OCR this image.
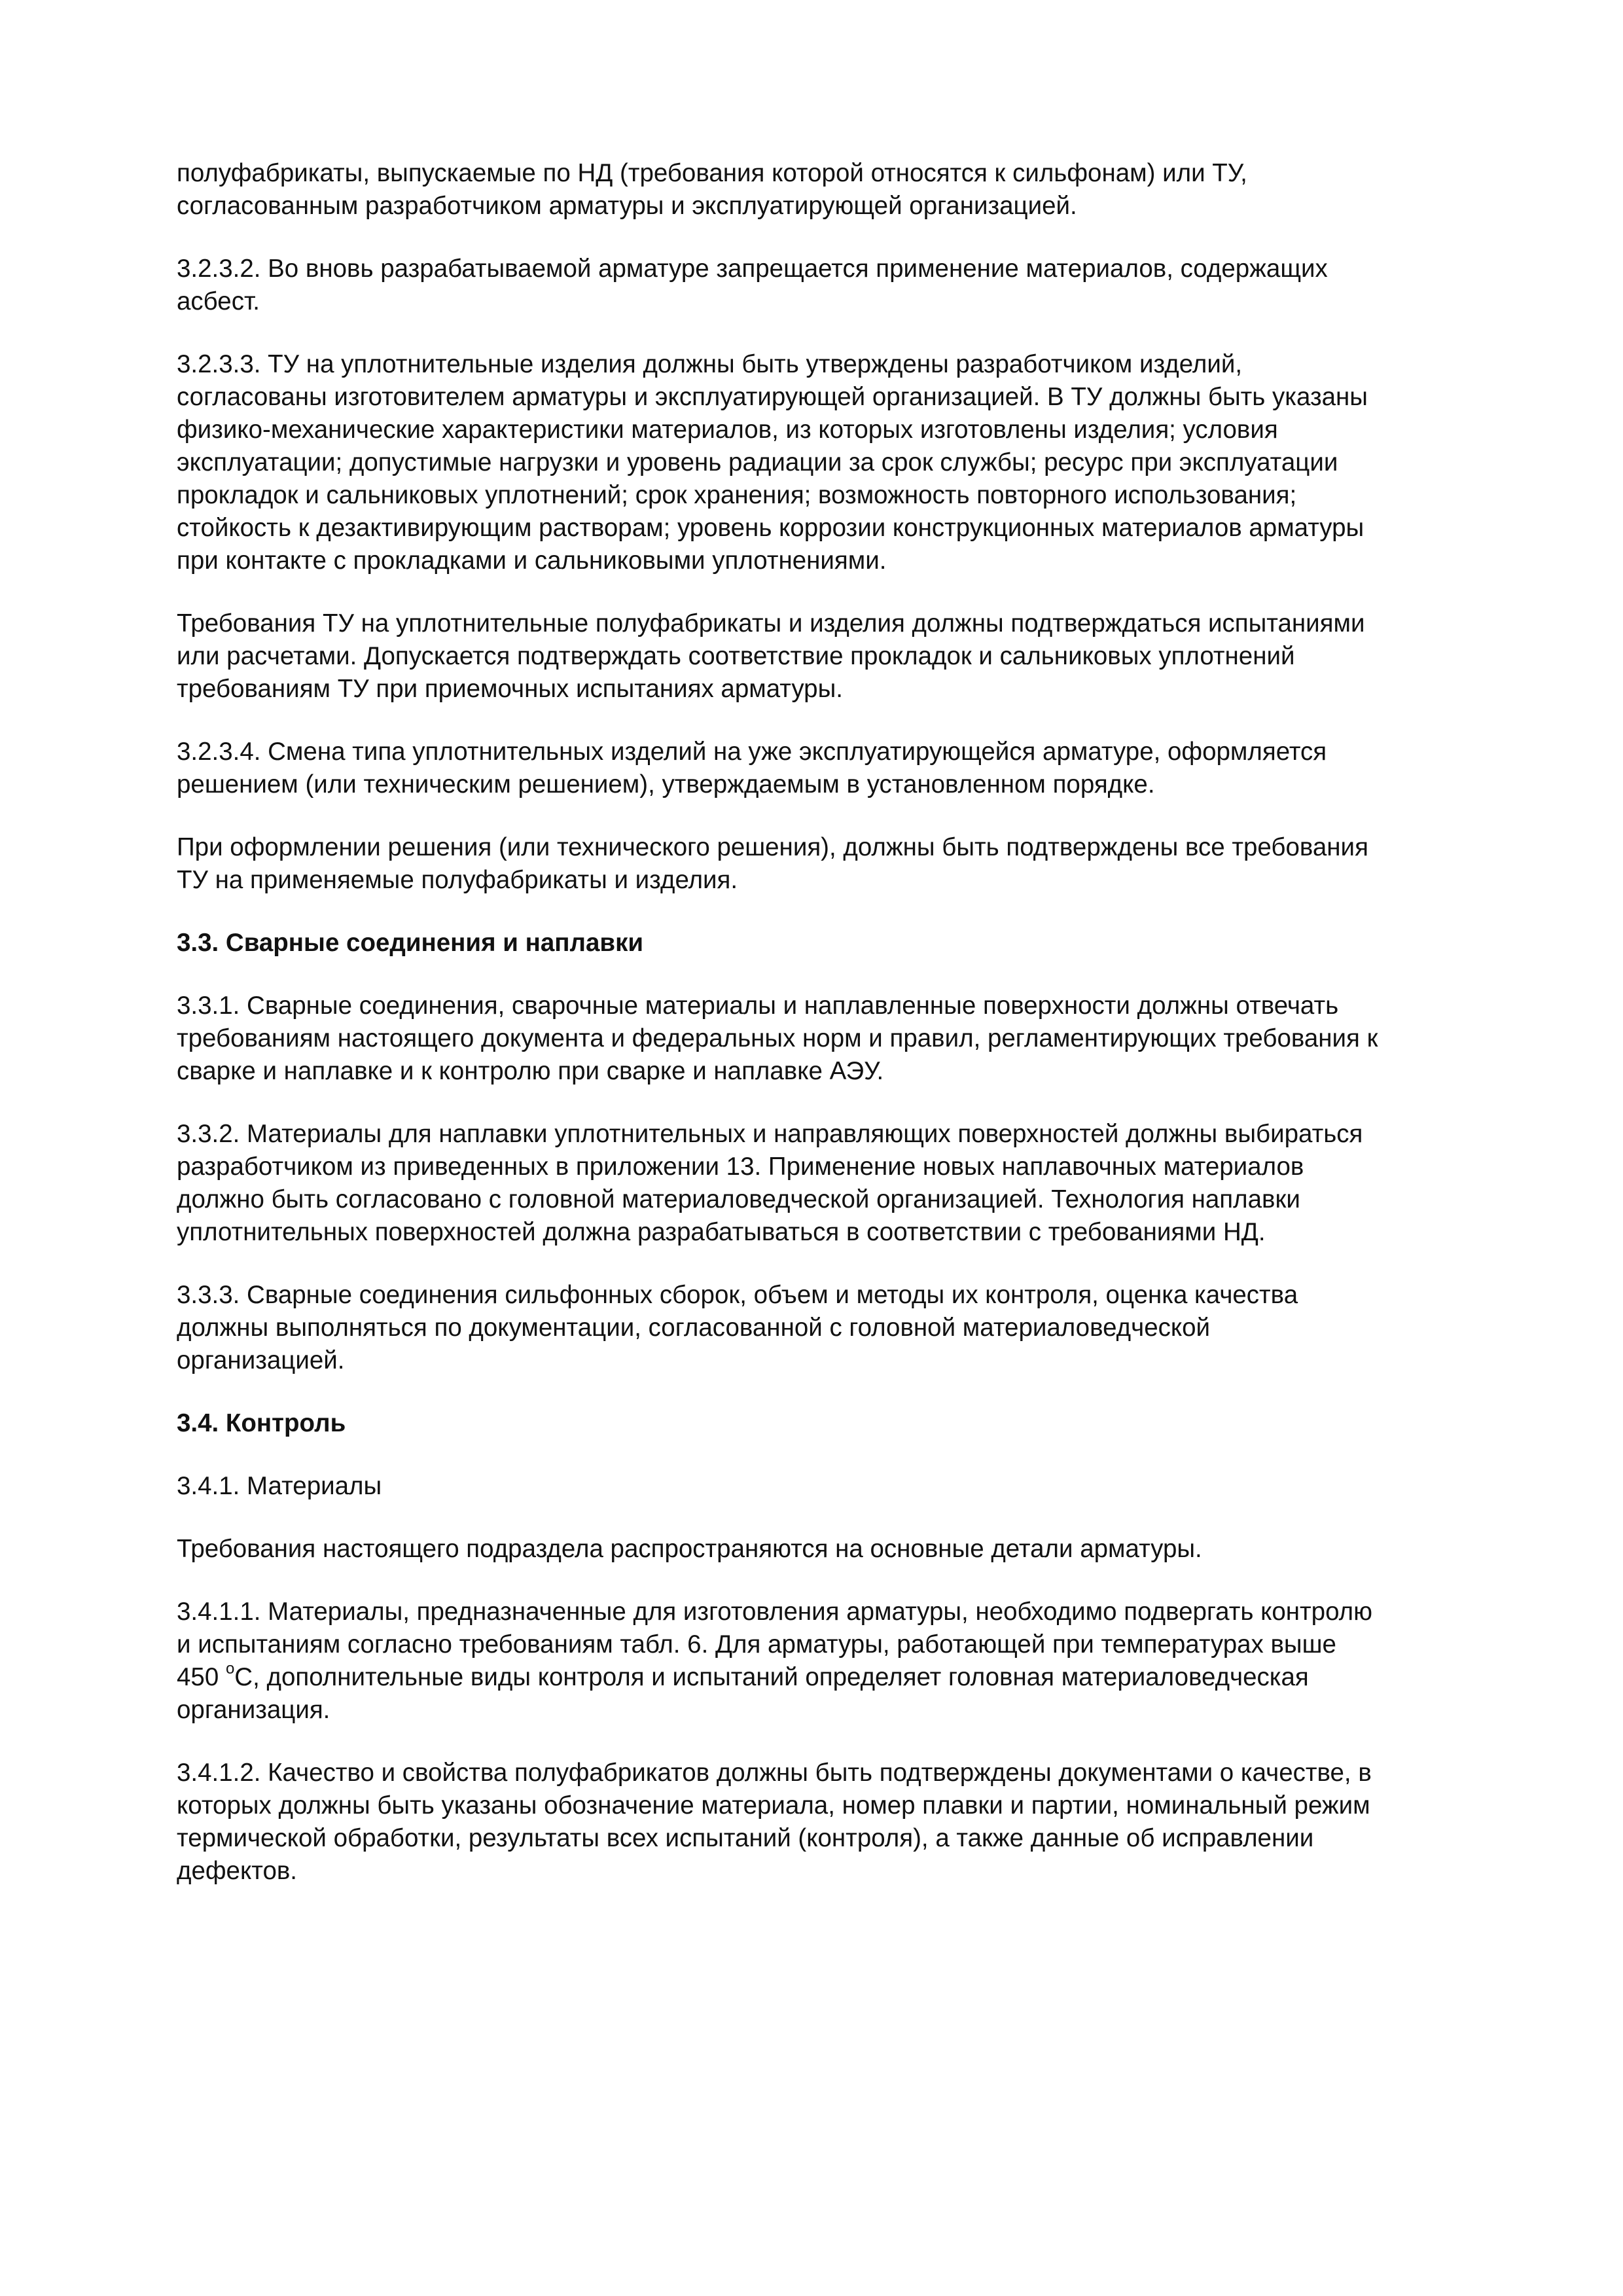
полуфабрикаты, выпускаемые по НД (требования которой относятся к сильфонам) или ТУ,
согласованным разработчиком арматуры и эксплуатирующей организацией.

3.2.3.2. Во вновь разрабатываемой арматуре запрещается применение материалов, содержащих
асбест.

3.2.3.3. ТУ на уплотнительные изделия должны быть утверждены разработчиком изделий,
согласованы изготовителем арматуры и эксплуатирующей организацией. В ТУ должны быть указаны
физико-механические характеристики материалов, из которых изготовлены изделия; условия
эксплуатации; допустимые нагрузки и уровень радиации за срок службы; ресурс при эксплуатации
прокладок и сальниковых уплотнений; срок хранения; возможность повторного использования;
стойкость к дезактивирующим растворам; уровень коррозии конструкционных материалов арматуры
при контакте с прокладками и сальниковыми уплотнениями.

Требования ТУ на уплотнительные полуфабрикаты и изделия должны подтверждаться испытаниями
или расчетами. Допускается подтверждать соответствие прокладок и сальниковых уплотнений
требованиям ТУ при приемочных испытаниях арматуры.

3.2.3.4. Смена типа уплотнительных изделий на уже эксплуатирующейся арматуре, оформляется
решением (или техническим решением), утверждаемым в установленном порядке.

При оформлении решения (или технического решения), должны быть подтверждены все требования
ТУ на применяемые полуфабрикаты и изделия.

3.3. Сварные соединения и наплавки

3.3.1. Сварные соединения, сварочные материалы и наплавленные поверхности должны отвечать
требованиям настоящего документа и федеральных норм и правил, регламентирующих требования к
сварке и наплавке и к контролю при сварке и наплавке АЭУ.

3.3.2. Материалы для наплавки уплотнительных и направляющих поверхностей должны выбираться
разработчиком из приведенных в приложении 13. Применение новых наплавочных материалов
должно быть согласовано с головной материаловедческой организацией. Технология наплавки
уплотнительных поверхностей должна разрабатываться в соответствии с требованиями НД.

3.3.3. Сварные соединения сильфонных сборок, объем и методы их контроля, оценка качества
должны выполняться по документации, согласованной с головной материаловедческой
организацией.

3.4. Контроль

3.4.1. Материалы

Требования настоящего подраздела распространяются на основные детали арматуры.

3.4.1.1. Материалы, предназначенные для изготовления арматуры, необходимо подвергать контролю
и испытаниям согласно требованиям табл. 6. Для арматуры, работающей при температурах выше
450 $^о$С, дополнительные виды контроля и испытаний определяет головная материаловедческая
организация.

3.4.1.2. Качество и свойства полуфабрикатов должны быть подтверждены документами о качестве, в
которых должны быть указаны обозначение материала, номер плавки и партии, номинальный режим
термической обработки, результаты всех испытаний (контроля), а также данные об исправлении
дефектов.
